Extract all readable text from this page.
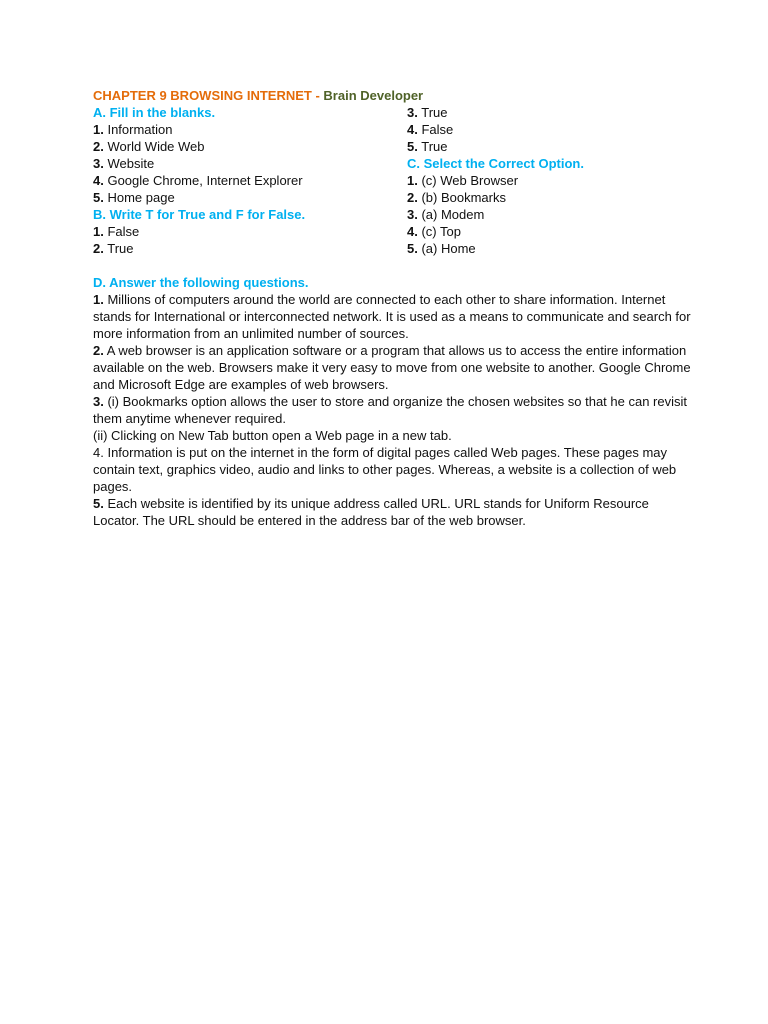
CHAPTER 9 BROWSING INTERNET - Brain Developer
A. Fill in the blanks.
1. Information
2. World Wide Web
3. Website
4. Google Chrome, Internet Explorer
5. Home page
B. Write T for True and F for False.
1. False
2. True
3. True
4. False
5. True
C. Select the Correct Option.
1. (c) Web Browser
2. (b) Bookmarks
3. (a) Modem
4. (c) Top
5. (a) Home
D. Answer the following questions.
1. Millions of computers around the world are connected to each other to share information. Internet stands for International or interconnected network. It is used as a means to communicate and search for more information from an unlimited number of sources.
2. A web browser is an application software or a program that allows us to access the entire information available on the web. Browsers make it very easy to move from one website to another. Google Chrome and Microsoft Edge are examples of web browsers.
3. (i) Bookmarks option allows the user to store and organize the chosen websites so that he can revisit them anytime whenever required.
(ii) Clicking on New Tab button open a Web page in a new tab.
4. Information is put on the internet in the form of digital pages called Web pages. These pages may contain text, graphics video, audio and links to other pages. Whereas, a website is a collection of web pages.
5. Each website is identified by its unique address called URL. URL stands for Uniform Resource Locator. The URL should be entered in the address bar of the web browser.
